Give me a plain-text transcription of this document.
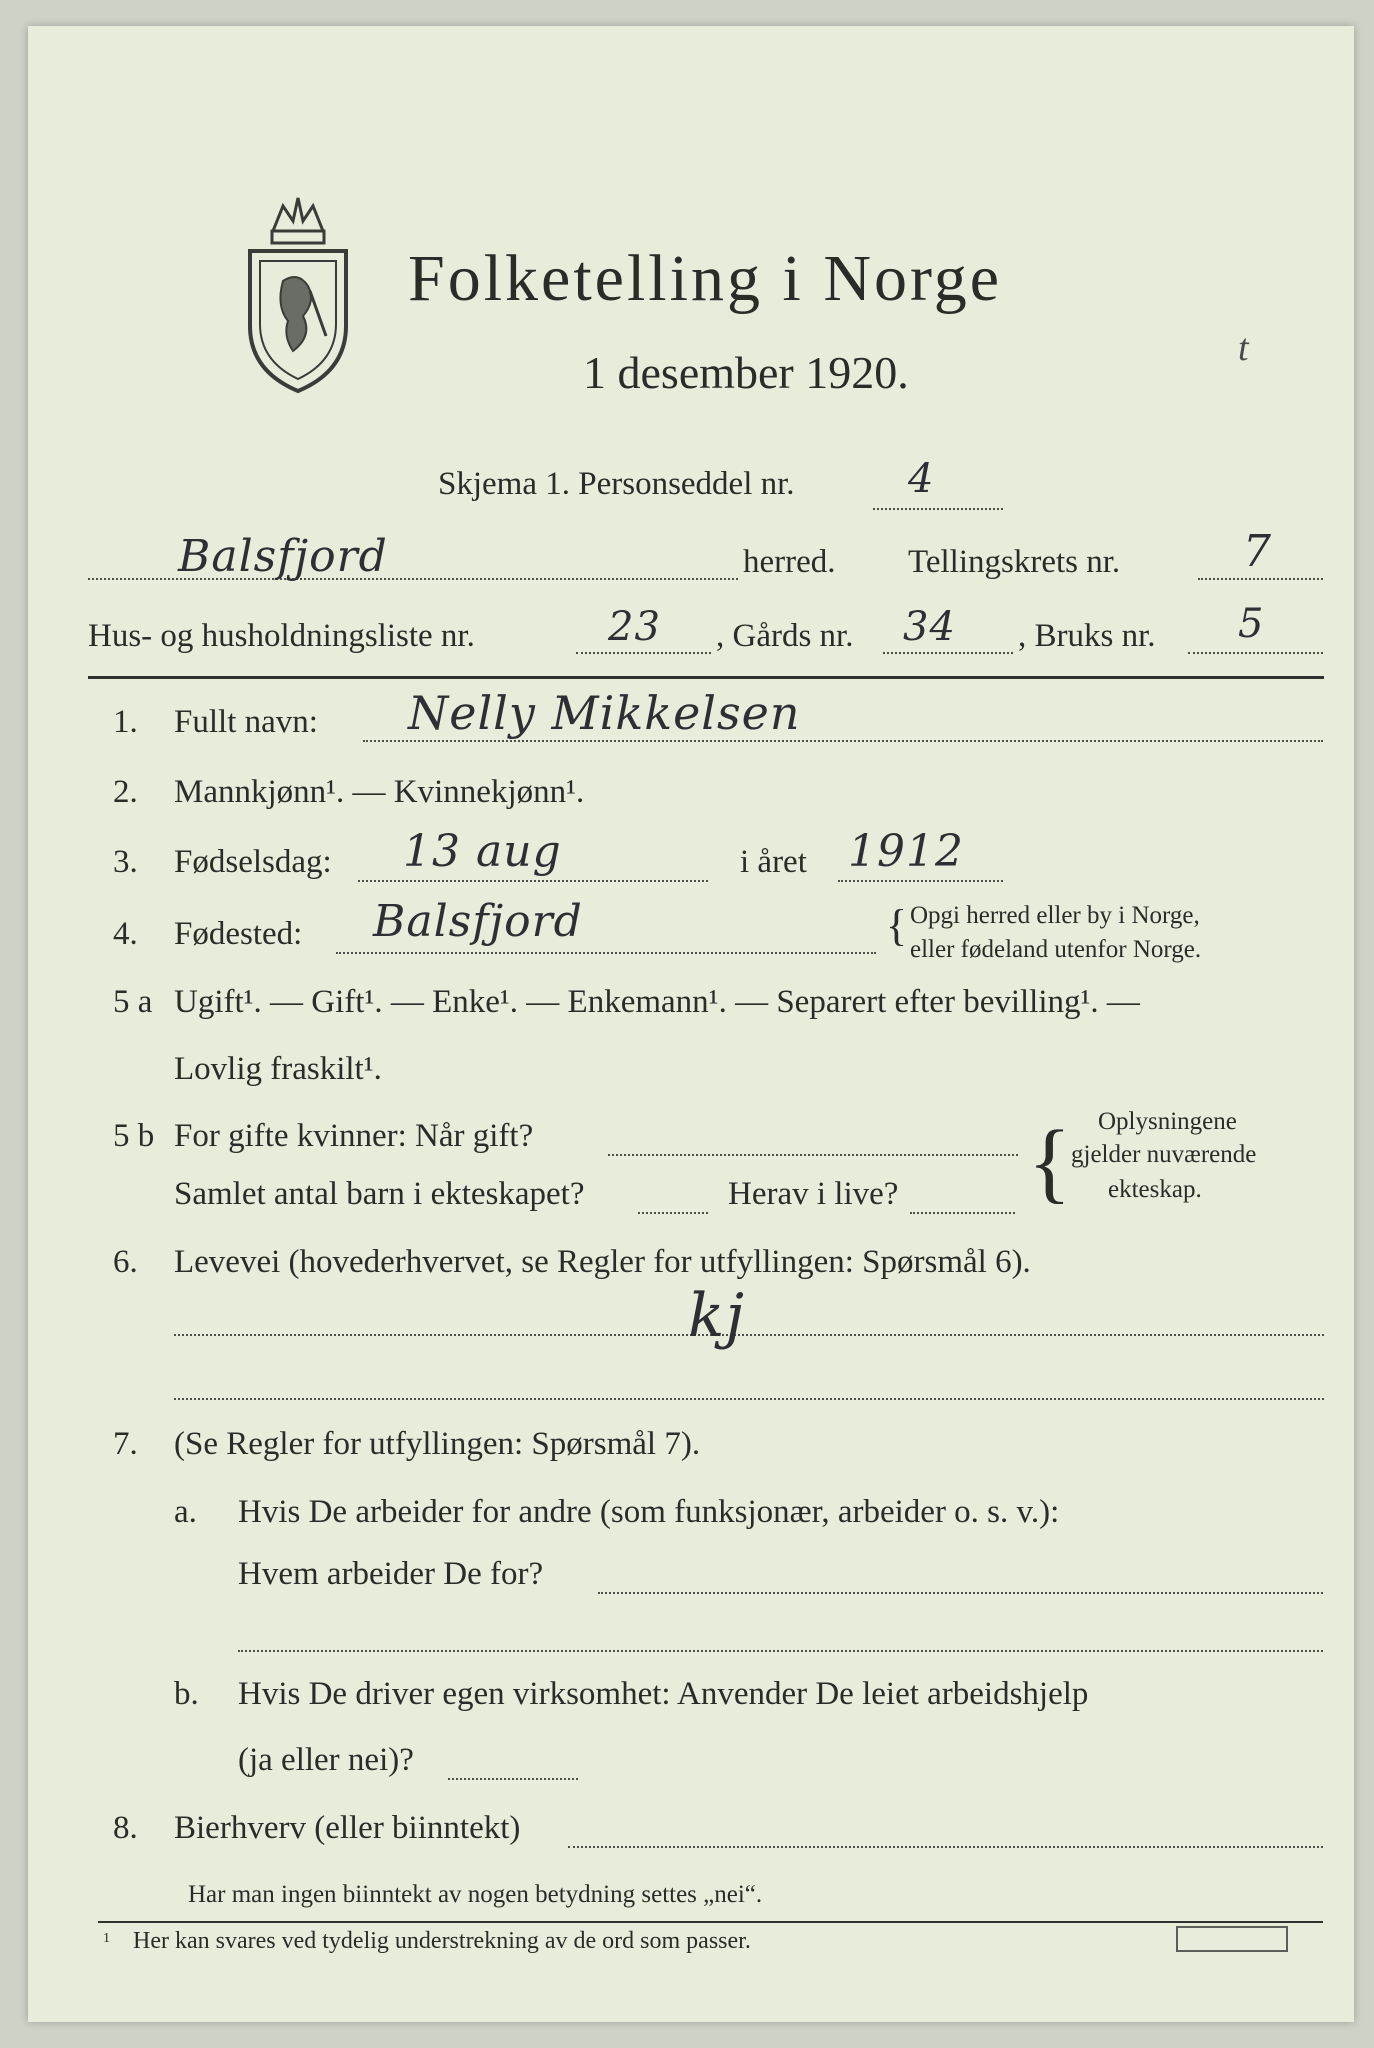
Folketelling i Norge
1 desember 1920.	t
Skjema 1. Personseddel nr.	4
Balsfjord	herred. Tellingskrets nr.	7
Hus- og husholdningsliste nr.	23 , Gårds nr. 34 , Bruks nr. 5
1. Fullt navn: Nelly Mikkelsen
2. Mannkjønn¹. — Kvinnekjønn¹.
3. Fødselsdag: 13 aug	i året 1912
4. Fødested: Balsfjord	{ Opgi herred eller by i Norge,
eller fødeland utenfor Norge.
5 a Ugift¹. — Gift¹. — Enke¹. — Enkemann¹. — Separert efter bevilling¹. —
Lovlig fraskilt¹.
5 b For gifte kvinner: Når gift?
Samlet antal barn i ekteskapet?	Herav i live? { Oplysningene
gjelder nuværende
ekteskap.
6. Levevei (hovederhvervet, se Regler for utfyllingen: Spørsmål 6).
kj
7. (Se Regler for utfyllingen: Spørsmål 7).
a. Hvis De arbeider for andre (som funksjonær, arbeider o. s. v.):
Hvem arbeider De for?
b. Hvis De driver egen virksomhet: Anvender De leiet arbeidshjelp
(ja eller nei)?
8. Bierhverv (eller biinntekt)
Har man ingen biinntekt av nogen betydning settes „nei“.
1 Her kan svares ved tydelig understrekning av de ord som passer.
